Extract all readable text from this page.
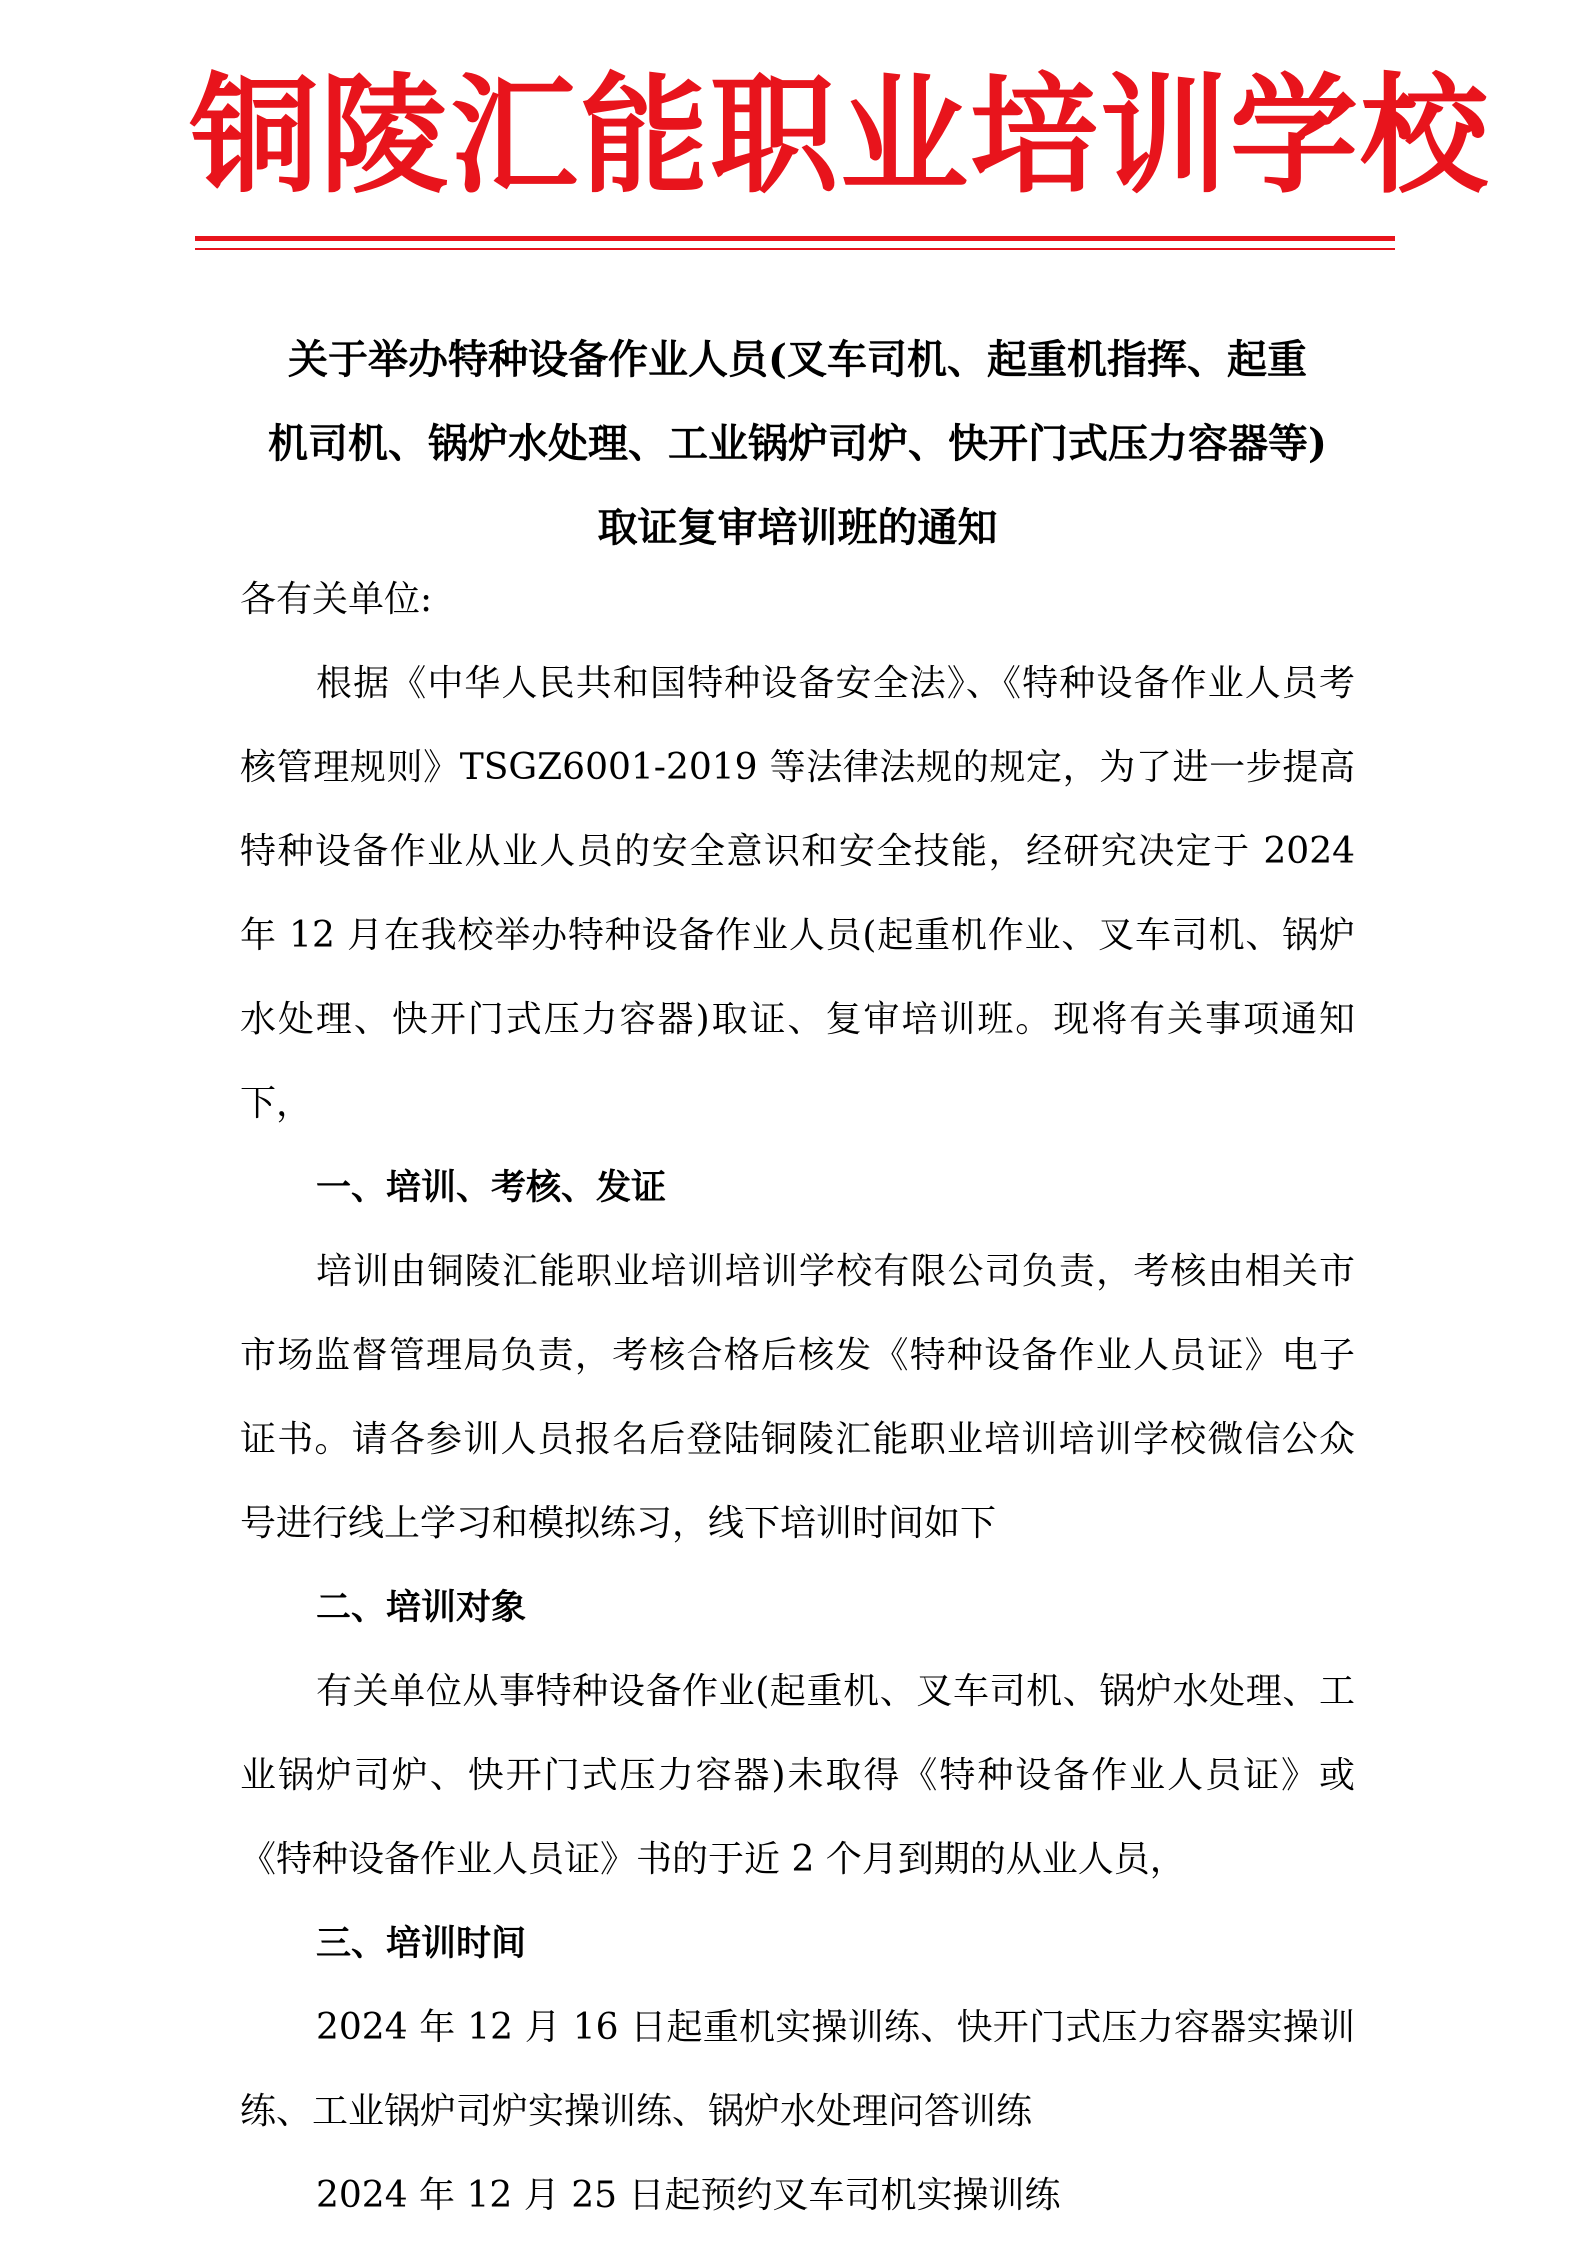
铜陵汇能职业培训学校
关于举办特种设备作业人员(叉车司机、起重机指挥、起重
机司机、锅炉水处理、工业锅炉司炉、快开门式压力容器等)
取证复审培训班的通知

各有关单位:

根据《中华人民共和国特种设备安全法》、《特种设备作业人员考核管理规则》TSGZ6001-2019 等法律法规的规定，为了进一步提高特种设备作业从业人员的安全意识和安全技能，经研究决定于 2024 年 12 月在我校举办特种设备作业人员(起重机作业、叉车司机、锅炉水处理、快开门式压力容器)取证、复审培训班。现将有关事项通知下，

一、培训、考核、发证

培训由铜陵汇能职业培训培训学校有限公司负责，考核由相关市市场监督管理局负责，考核合格后核发《特种设备作业人员证》电子证书。请各参训人员报名后登陆铜陵汇能职业培训培训学校微信公众号进行线上学习和模拟练习，线下培训时间如下

二、培训对象

有关单位从事特种设备作业(起重机、叉车司机、锅炉水处理、工业锅炉司炉、快开门式压力容器)未取得《特种设备作业人员证》或《特种设备作业人员证》书的于近 2 个月到期的从业人员，

三、培训时间

2024 年 12 月 16 日起重机实操训练、快开门式压力容器实操训练、工业锅炉司炉实操训练、锅炉水处理问答训练

2024 年 12 月 25 日起预约叉车司机实操训练
